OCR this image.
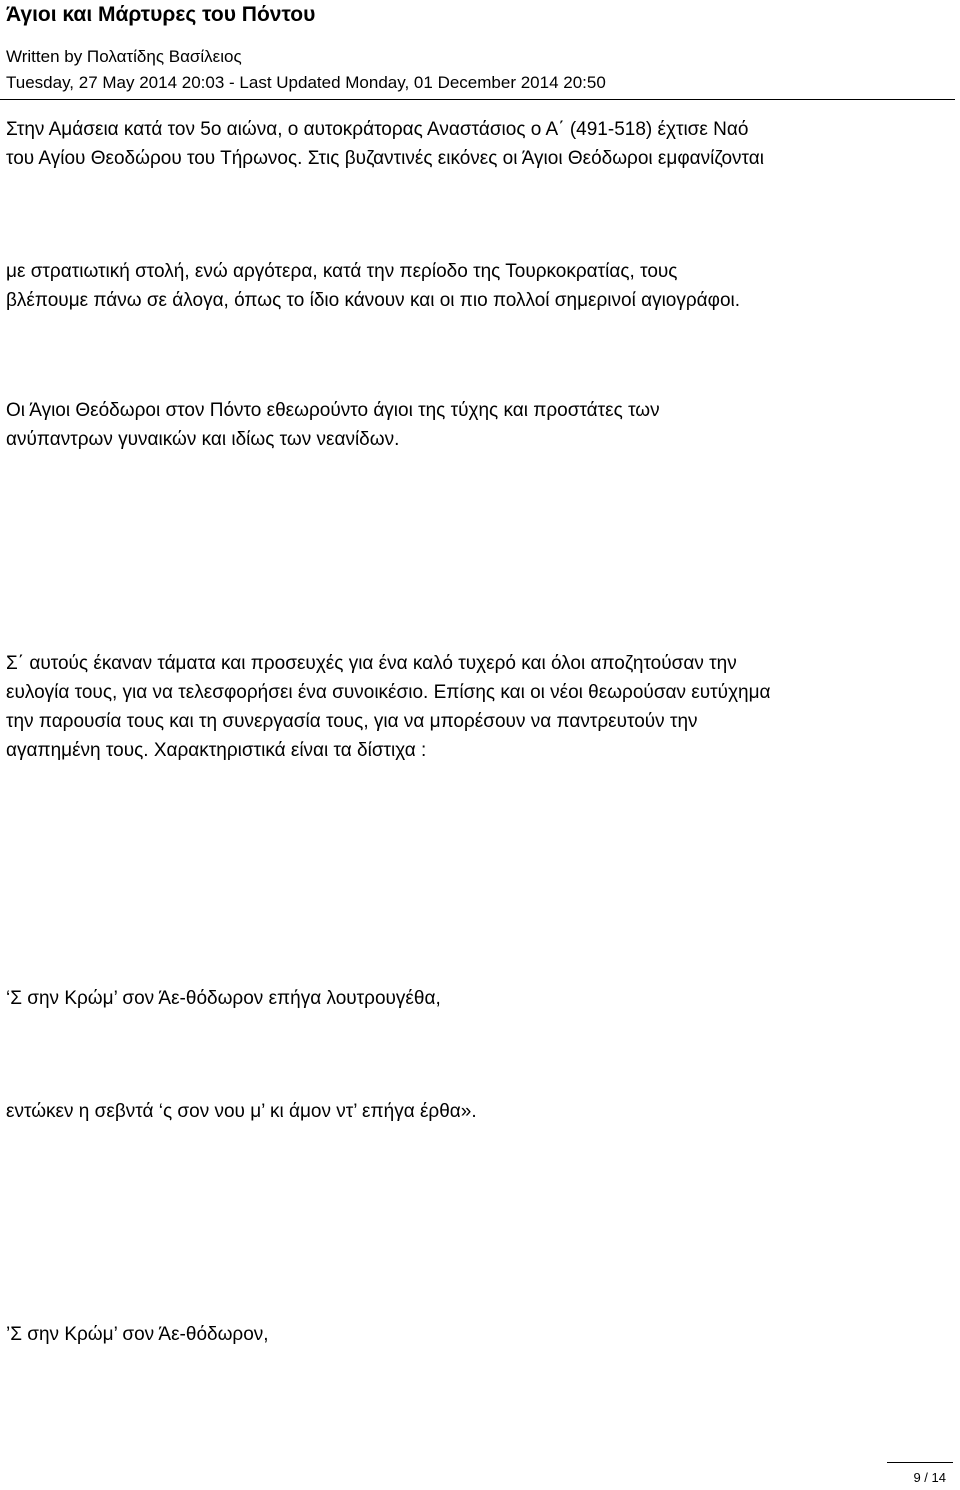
Άγιοι και Μάρτυρες του Πόντου
Written by Πολατίδης Βασίλειος
Tuesday, 27 May 2014 20:03 - Last Updated Monday, 01 December 2014 20:50
Στην Αμάσεια κατά τον 5ο αιώνα, ο αυτοκράτορας Αναστάσιος ο Α΄ (491-518) έχτισε Ναό
του Αγίου Θεοδώρου του Τήρωνος. Στις βυζαντινές εικόνες οι Άγιοι Θεόδωροι εμφανίζονται
με στρατιωτική στολή, ενώ αργότερα, κατά την περίοδο της Τουρκοκρατίας, τους
βλέπουμε πάνω σε άλογα, όπως το ίδιο κάνουν και οι πιο πολλοί σημερινοί αγιογράφοι.
Οι Άγιοι Θεόδωροι στον Πόντο εθεωρούντο άγιοι της τύχης και προστάτες των
ανύπαντρων γυναικών και ιδίως των νεανίδων.
Σ΄ αυτούς έκαναν τάματα και προσευχές για ένα καλό τυχερό και όλοι αποζητούσαν την
ευλογία τους, για να τελεσφορήσει ένα συνοικέσιο. Επίσης και οι νέοι θεωρούσαν ευτύχημα
την παρουσία τους και τη συνεργασία τους, για να μπορέσουν να παντρευτούν την
αγαπημένη τους. Χαρακτηριστικά είναι τα δίστιχα :
‘Σ σην Κρώμ’ σον Άε-θόδωρον επήγα λουτρουγέθα,
εντώκεν η σεβντά ‘ς σον νου μ’ κι άμον ντ’ επήγα έρθα».
’Σ σην Κρώμ’ σον Άε-θόδωρον,
9 / 14
